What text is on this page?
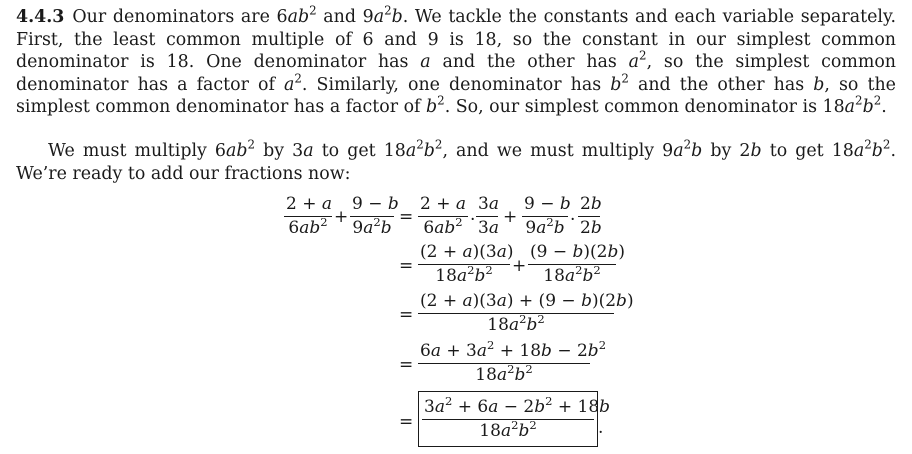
4.4.3 Our denominators are $6ab^2$ and $9a^2b$. We tackle the constants and each variable separately. First, the least common multiple of 6 and 9 is 18, so the constant in our simplest common denominator is 18. One denominator has a and the other has $a^2$, so the simplest common denominator has a factor of $a^2$. Similarly, one denominator has $b^2$ and the other has b, so the simplest common denominator has a factor of $b^2$. So, our simplest common denominator is $18a^2b^2$.
We must multiply $6ab^2$ by 3a to get $18a^2b^2$, and we must multiply $9a^2b$ by 2b to get $18a^2b^2$. We’re ready to add our fractions now:
2 + a
$6ab^2$ +
9 − b
$9a^2b$
=
2 + a
$6ab^2$ ·
3a
3a
+
9 − b
$9a^2b$ ·
2b
2b
=
(2 + a)(3a)
$18a^2b^2$	+
(9 − b)(2b)
$18a^2b^2$
=
(2 + a)(3a) + (9 − b)(2b)
$18a^2b^2$
=
$6a + 3a^2 + 18b - 2b^2$
$18a^2b^2$
=
$3a^2 + 6a - 2b^2 + 18b$
$18a^2b^2$	.
